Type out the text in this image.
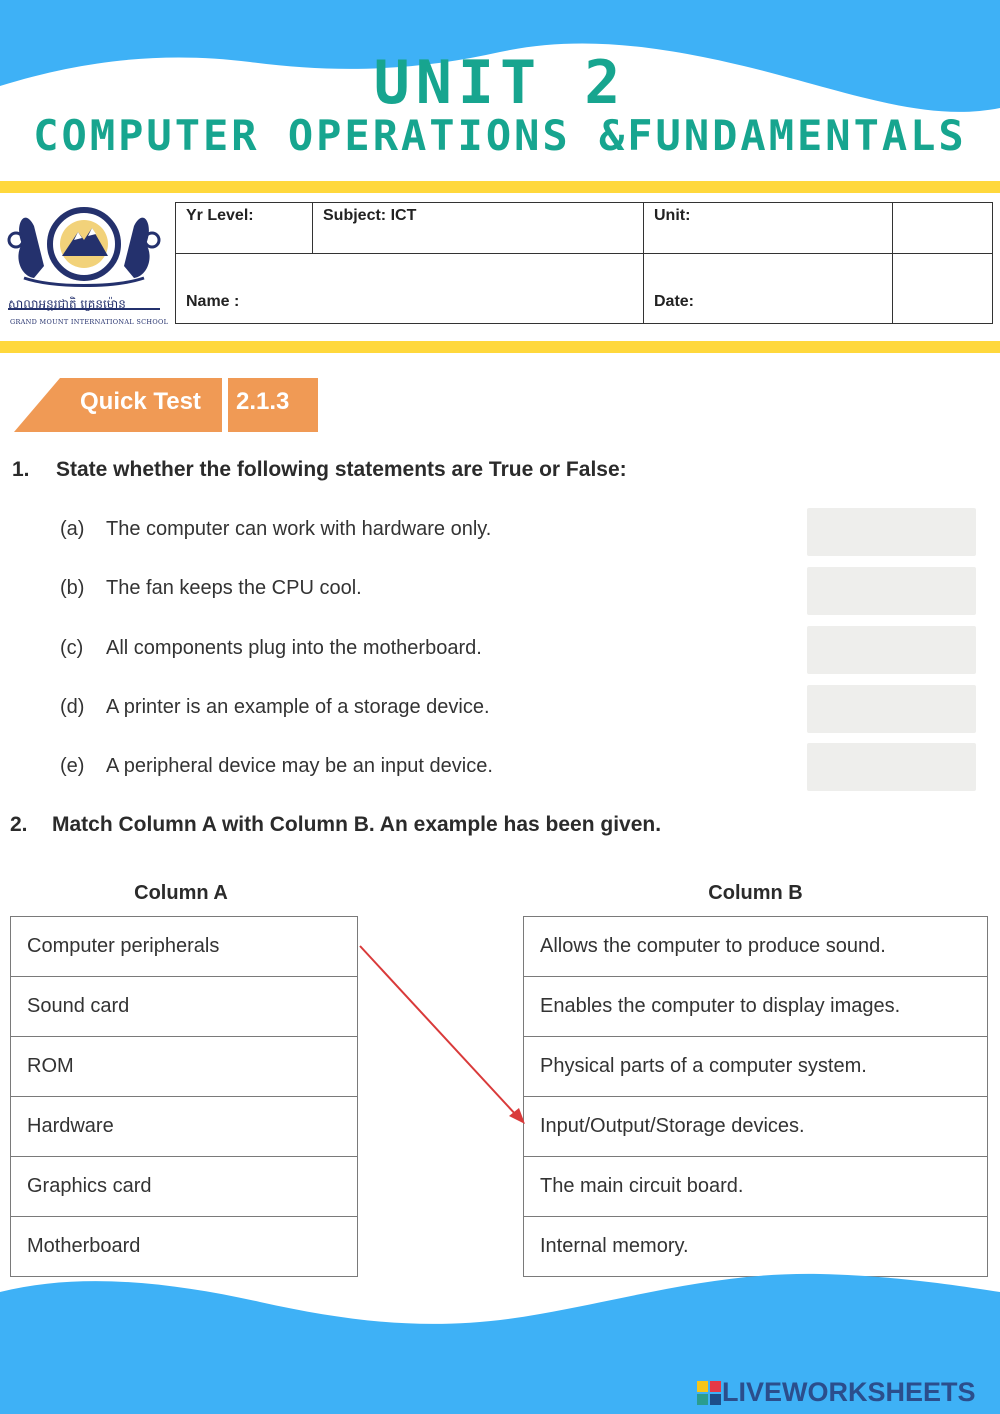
UNIT 2
COMPUTER OPERATIONS &FUNDAMENTALS
សាលាអន្តរជាតិ គ្រេនម៉ោន
GRAND MOUNT INTERNATIONAL SCHOOL
Yr Level:	Subject: ICT	Unit:	
Name :		Date:	
Quick Test 2.1.3
1. State whether the following statements are True or False:
(a) The computer can work with hardware only.
(b) The fan keeps the CPU cool.
(c) All components plug into the motherboard.
(d) A printer is an example of a storage device.
(e) A peripheral device may be an input device.
2. Match Column A with Column B. An example has been given.
Column A	Column B
Computer peripherals
Sound card
ROM
Hardware
Graphics card
Motherboard
Allows the computer to produce sound.
Enables the computer to display images.
Physical parts of a computer system.
Input/Output/Storage devices.
The main circuit board.
Internal memory.
LIVEWORKSHEETS
